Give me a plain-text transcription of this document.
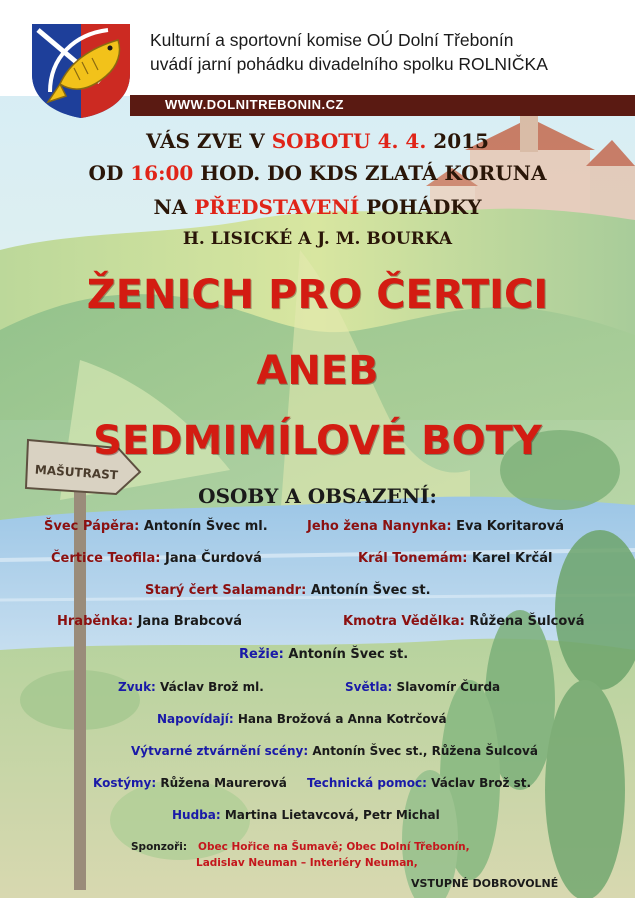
MAŠUTRAST
Kulturní a sportovní komise OÚ Dolní Třebonín
uvádí jarní pohádku divadelního spolku ROLNIČKA
WWW.DOLNITREBONIN.CZ
VÁS ZVE V SOBOTU 4. 4. 2015
OD 16:00 HOD. DO KDS ZLATÁ KORUNA
NA PŘEDSTAVENÍ POHÁDKY
H. LISICKÉ A J. M. BOURKA
ŽENICH PRO ČERTICI
ANEB
SEDMIMÍLOVÉ BOTY
OSOBY A OBSAZENÍ:
Švec Pápěra: Antonín Švec ml.	Jeho žena Nanynka: Eva Koritarová
Čertice Teofila: Jana Čurdová	Král Tonemám: Karel Krčál
Starý čert Salamandr: Antonín Švec st.
Hraběnka: Jana Brabcová	Kmotra Vědělka: Růžena Šulcová
Režie: Antonín Švec st.
Zvuk: Václav Brož ml.	Světla: Slavomír Čurda
Napovídají: Hana Brožová a Anna Kotrčová
Výtvarné ztvárnění scény: Antonín Švec st., Růžena Šulcová
Kostýmy: Růžena Maurerová Technická pomoc: Václav Brož st.
Hudba: Martina Lietavcová, Petr Michal
Sponzoři: Obec Hořice na Šumavě; Obec Dolní Třebonín,
Ladislav Neuman – Interiéry Neuman,
VSTUPNÉ DOBROVOLNÉ
